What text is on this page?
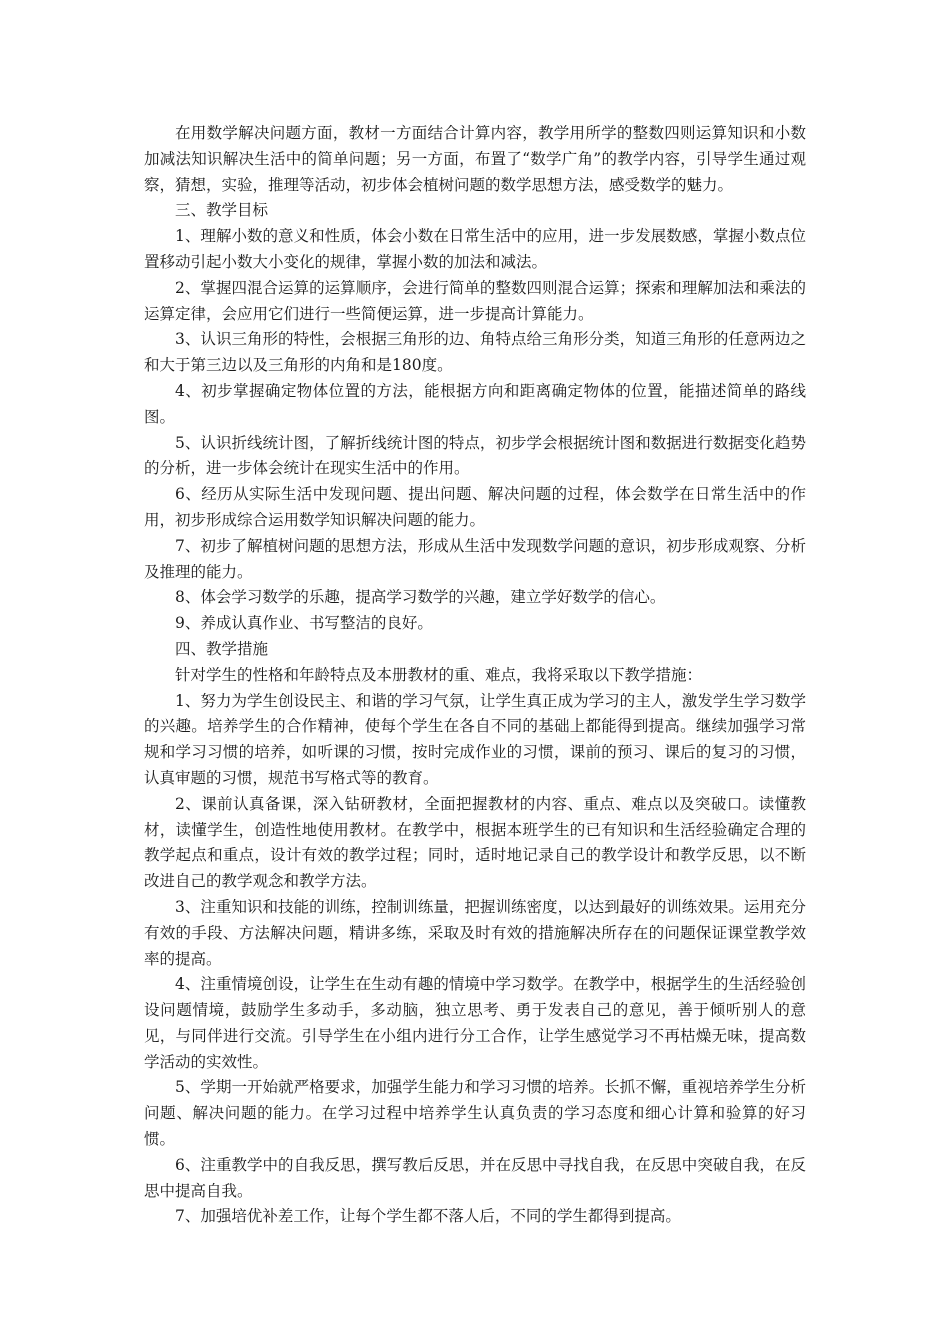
在用数学解决问题方面，教材一方面结合计算内容，教学用所学的整数四则运算知识和小数加减法知识解决生活中的简单问题；另一方面，布置了“数学广角”的教学内容，引导学生通过观察，猜想，实验，推理等活动，初步体会植树问题的数学思想方法，感受数学的魅力。

三、教学目标

1、理解小数的意义和性质，体会小数在日常生活中的应用，进一步发展数感，掌握小数点位置移动引起小数大小变化的规律，掌握小数的加法和减法。

2、掌握四混合运算的运算顺序，会进行简单的整数四则混合运算；探索和理解加法和乘法的运算定律，会应用它们进行一些简便运算，进一步提高计算能力。

3、认识三角形的特性，会根据三角形的边、角特点给三角形分类，知道三角形的任意两边之和大于第三边以及三角形的内角和是180度。

4、初步掌握确定物体位置的方法，能根据方向和距离确定物体的位置，能描述简单的路线图。

5、认识折线统计图，了解折线统计图的特点，初步学会根据统计图和数据进行数据变化趋势的分析，进一步体会统计在现实生活中的作用。

6、经历从实际生活中发现问题、提出问题、解决问题的过程，体会数学在日常生活中的作用，初步形成综合运用数学知识解决问题的能力。

7、初步了解植树问题的思想方法，形成从生活中发现数学问题的意识，初步形成观察、分析及推理的能力。

8、体会学习数学的乐趣，提高学习数学的兴趣，建立学好数学的信心。

9、养成认真作业、书写整洁的良好。

四、教学措施

针对学生的性格和年龄特点及本册教材的重、难点，我将采取以下教学措施：

1、努力为学生创设民主、和谐的学习气氛，让学生真正成为学习的主人，激发学生学习数学的兴趣。培养学生的合作精神，使每个学生在各自不同的基础上都能得到提高。继续加强学习常规和学习习惯的培养，如听课的习惯，按时完成作业的习惯，课前的预习、课后的复习的习惯，认真审题的习惯，规范书写格式等的教育。

2、课前认真备课，深入钻研教材，全面把握教材的内容、重点、难点以及突破口。读懂教材，读懂学生，创造性地使用教材。在教学中，根据本班学生的已有知识和生活经验确定合理的教学起点和重点，设计有效的教学过程；同时，适时地记录自己的教学设计和教学反思，以不断改进自己的教学观念和教学方法。

3、注重知识和技能的训练，控制训练量，把握训练密度，以达到最好的训练效果。运用充分有效的手段、方法解决问题，精讲多练，采取及时有效的措施解决所存在的问题保证课堂教学效率的提高。

4、注重情境创设，让学生在生动有趣的情境中学习数学。在教学中，根据学生的生活经验创设问题情境，鼓励学生多动手，多动脑，独立思考、勇于发表自己的意见，善于倾听别人的意见，与同伴进行交流。引导学生在小组内进行分工合作，让学生感觉学习不再枯燥无味，提高数学活动的实效性。

5、学期一开始就严格要求，加强学生能力和学习习惯的培养。长抓不懈，重视培养学生分析问题、解决问题的能力。在学习过程中培养学生认真负责的学习态度和细心计算和验算的好习惯。

6、注重教学中的自我反思，撰写教后反思，并在反思中寻找自我，在反思中突破自我，在反思中提高自我。

7、加强培优补差工作，让每个学生都不落人后，不同的学生都得到提高。
